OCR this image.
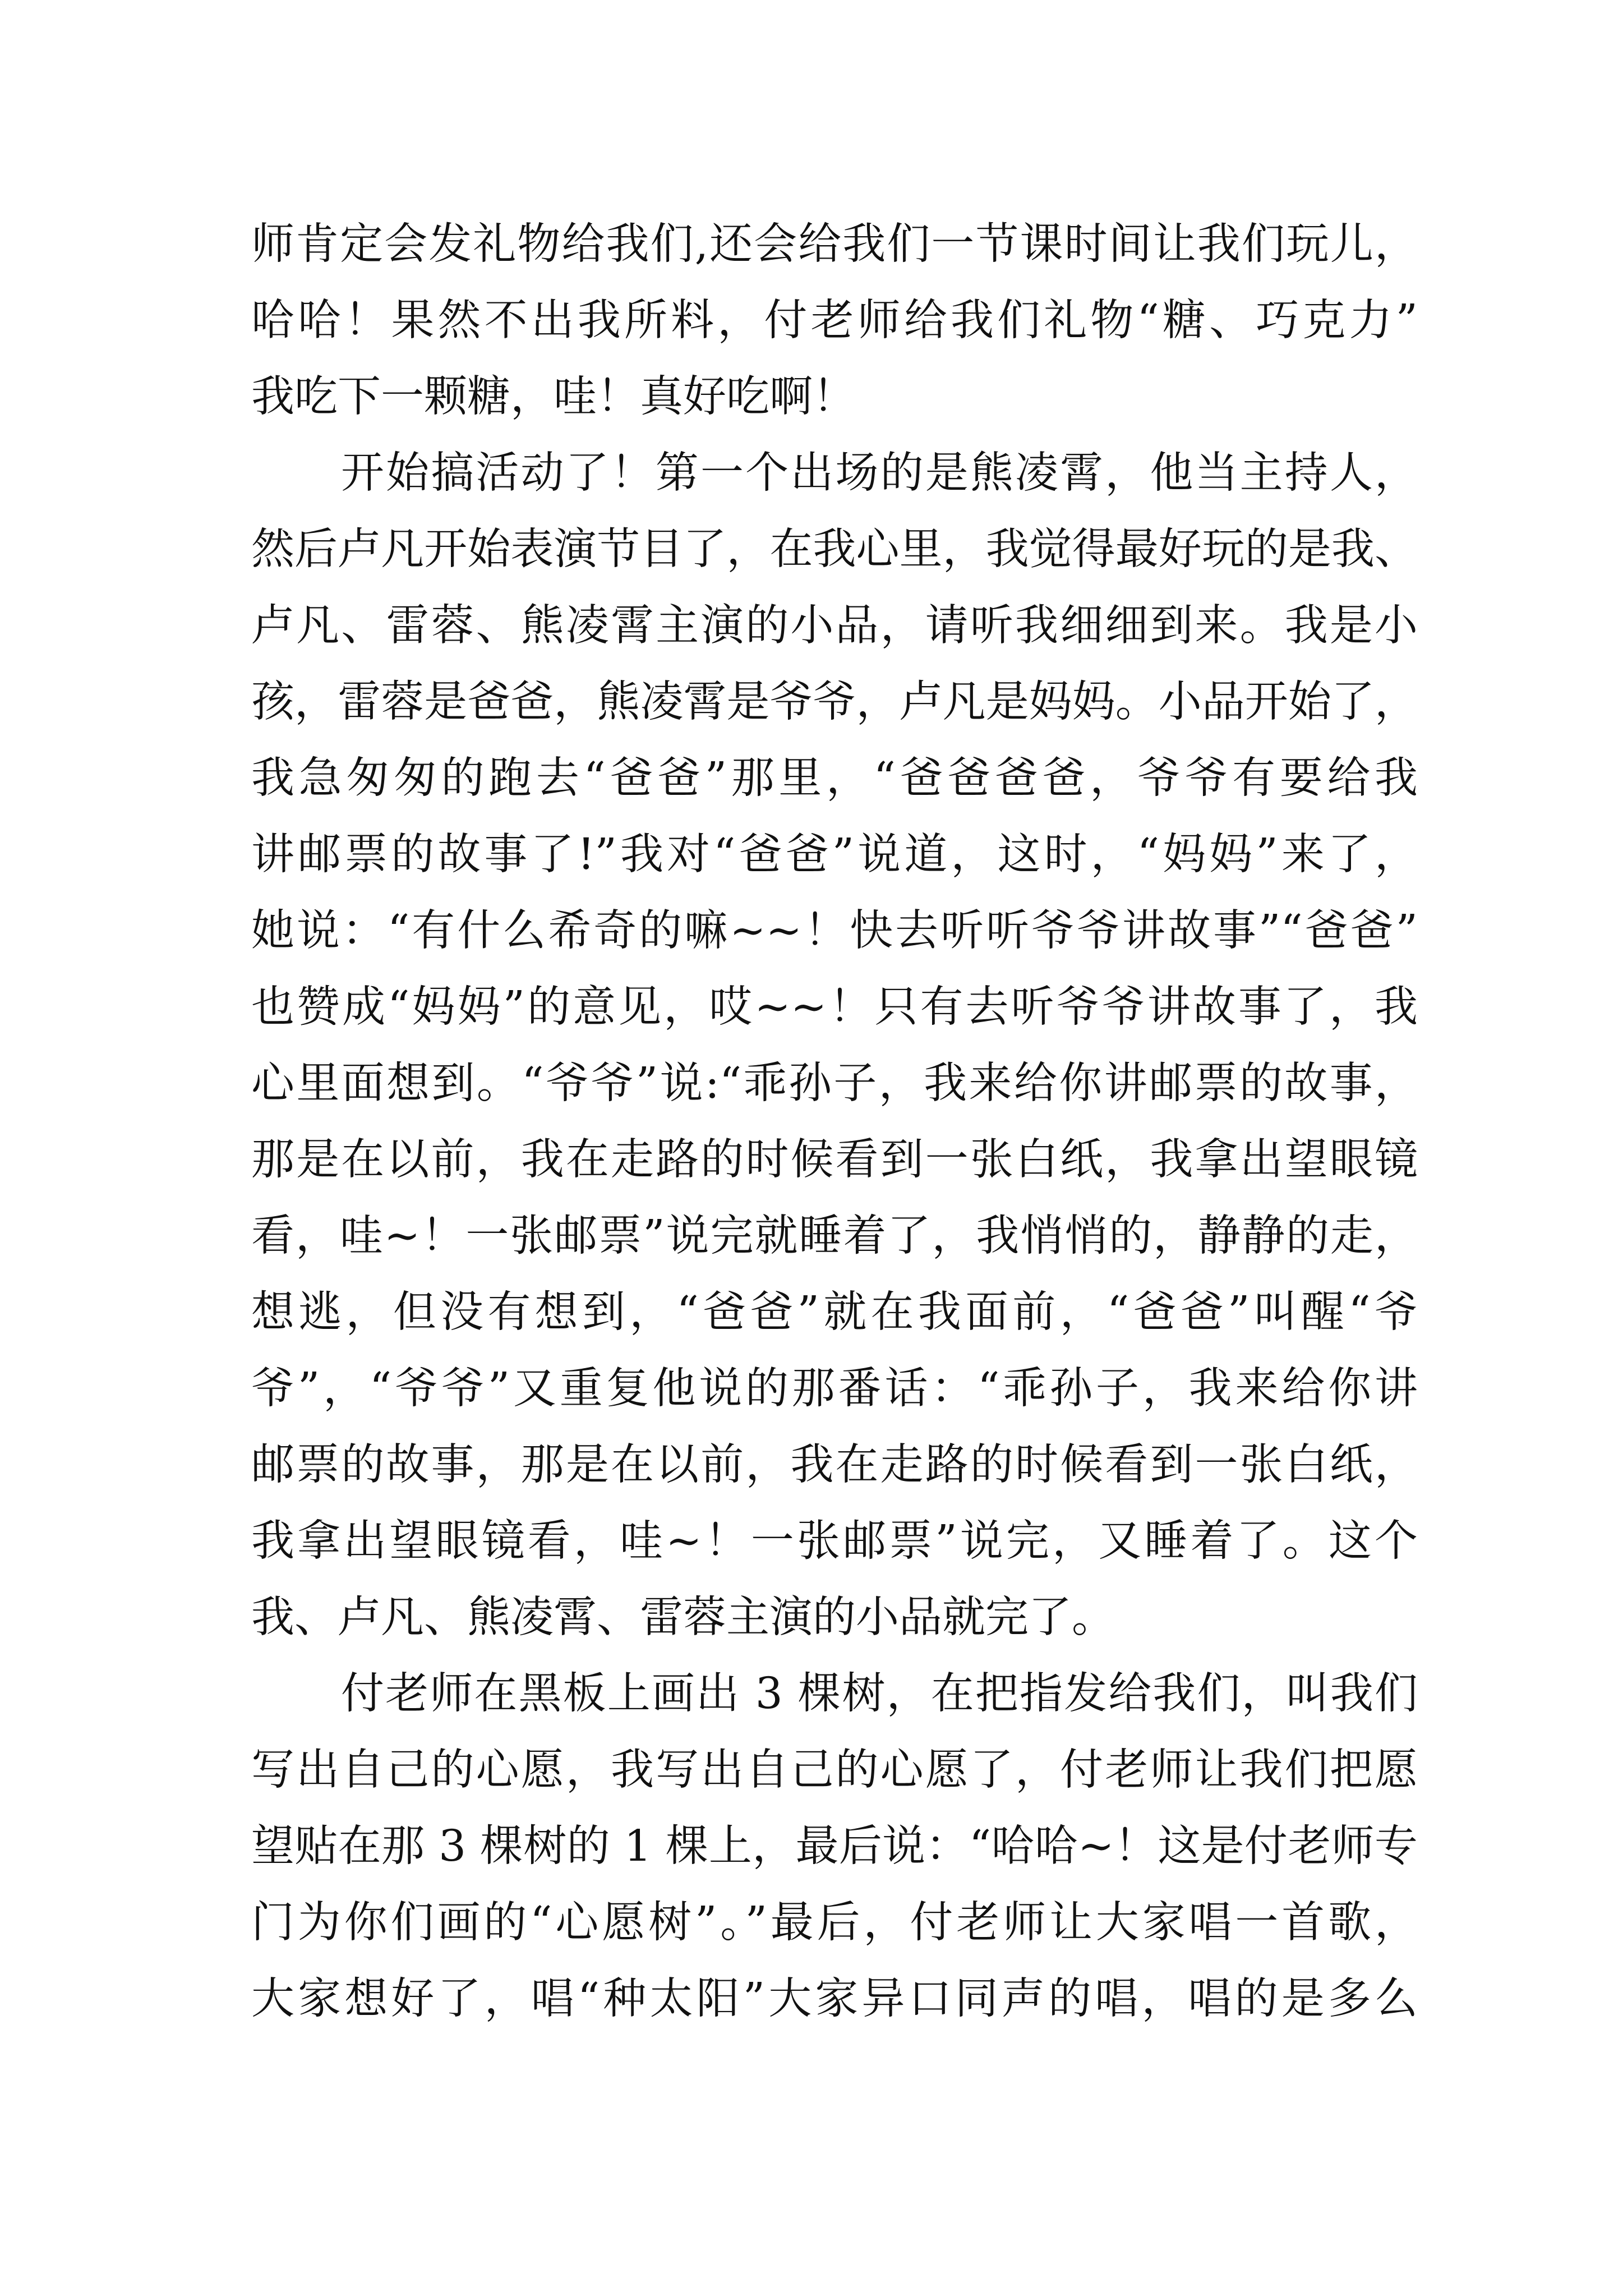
师肯定会发礼物给我们,还会给我们一节课时间让我们玩儿，
哈哈！果然不出我所料，付老师给我们礼物“糖、巧克力”
我吃下一颗糖，哇！真好吃啊！
开始搞活动了！第一个出场的是熊凌霄，他当主持人，
然后卢凡开始表演节目了，在我心里，我觉得最好玩的是我、
卢凡、雷蓉、熊凌霄主演的小品，请听我细细到来。我是小
孩，雷蓉是爸爸，熊凌霄是爷爷，卢凡是妈妈。小品开始了，
我急匆匆的跑去“爸爸”那里，“爸爸爸爸，爷爷有要给我
讲邮票的故事了!”我对“爸爸”说道，这时，“妈妈”来了，
她说：“有什么希奇的嘛~~！快去听听爷爷讲故事”“爸爸”
也赞成“妈妈”的意见，哎~~！只有去听爷爷讲故事了，我
心里面想到。“爷爷”说:“乖孙子，我来给你讲邮票的故事，
那是在以前，我在走路的时候看到一张白纸，我拿出望眼镜
看，哇~！一张邮票”说完就睡着了，我悄悄的，静静的走，
想逃，但没有想到，“爸爸”就在我面前，“爸爸”叫醒“爷
爷”，“爷爷”又重复他说的那番话：“乖孙子，我来给你讲
邮票的故事，那是在以前，我在走路的时候看到一张白纸，
我拿出望眼镜看，哇~！一张邮票”说完，又睡着了。这个
我、卢凡、熊凌霄、雷蓉主演的小品就完了。
付老师在黑板上画出 3 棵树，在把指发给我们，叫我们
写出自己的心愿，我写出自己的心愿了，付老师让我们把愿
望贴在那 3 棵树的 1 棵上，最后说：“哈哈~！这是付老师专
门为你们画的“心愿树”。”最后，付老师让大家唱一首歌，
大家想好了，唱“种太阳”大家异口同声的唱，唱的是多么
